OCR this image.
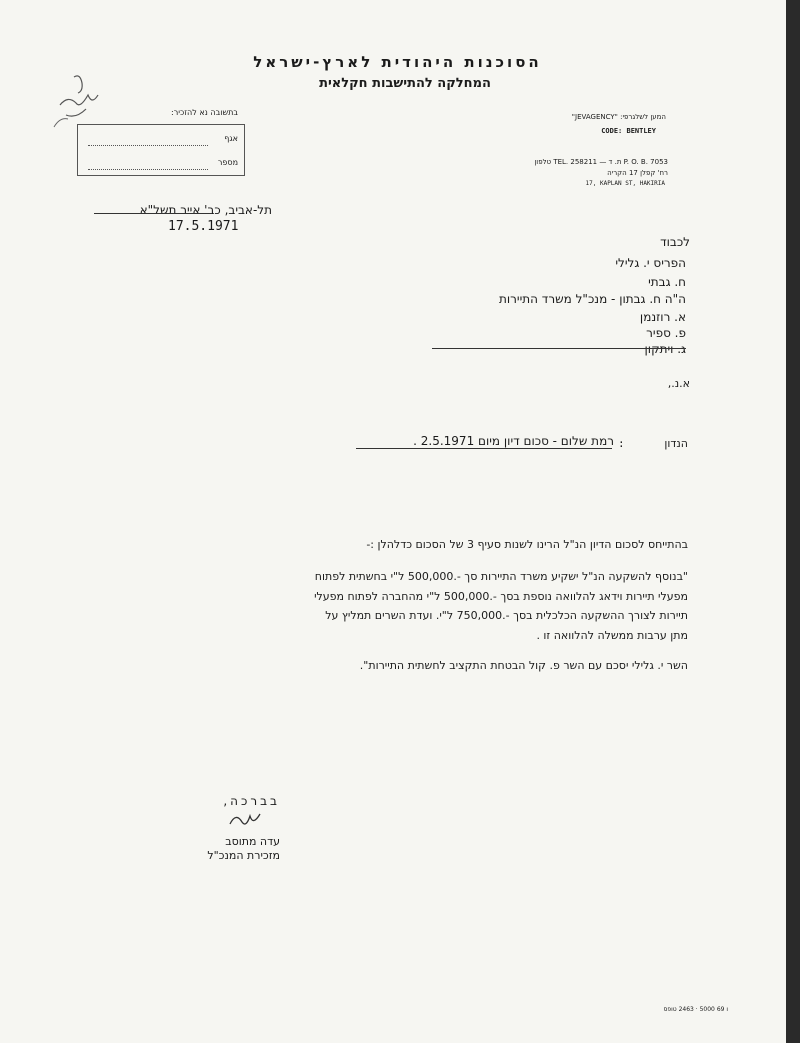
הסוכנות היהודית לארץ-ישראל
המחלקה להתישבות חקלאית
בתשובה נא להזכיר:
אגף
מספר
המען לשלגרפי: "JEVAGENCY"
CODE: BENTLEY
P. O. B. 7053 ת. ד — TEL. 258211 טלפון
רח' קפלן 17 הקריה
17, KAPLAN ST, HAKIRIA
תל-אביב, כב' אייר תשל"א
17.5.1971
לכבוד
הפריס י. גלילי
ח. גבתי
ה"ה ח. גבתון - מנכ"ל משרד התיירות
א. רוזנמן
פ. ספיר
ג. ויתקון
א.נ.,
הנדון
:
רמת שלום - סכום דיון מיום 2.5.1971 .
בהתייחס לסכום הדיון הנ"ל הרינו לשנות סעיף 3 של הסכום כדלהלן :-
"בנוסף להשקעה הנ"ל ישקיע משרד התיירות סך -.500,000 ל"י בחשתית לפתוח
מפעלי תיירות וידאג להלוואה נוספת בסך -.500,000 ל"י מהחברה לפתוח מפעלי
תיירות לצורך ההשקעה הכלכלית בסך -.750,000 ל"י. ועדת השרים תמליץ על
מתן ערבות ממשלה להלוואה זו .
השר י. גלילי יסכם עם השר פ. קול הבטחת התקציב לחשתית התיירות".
בברכה,
עדה מתוסב
מזכירת המנכ"ל
ו 69 5000 · 2463 טופס
